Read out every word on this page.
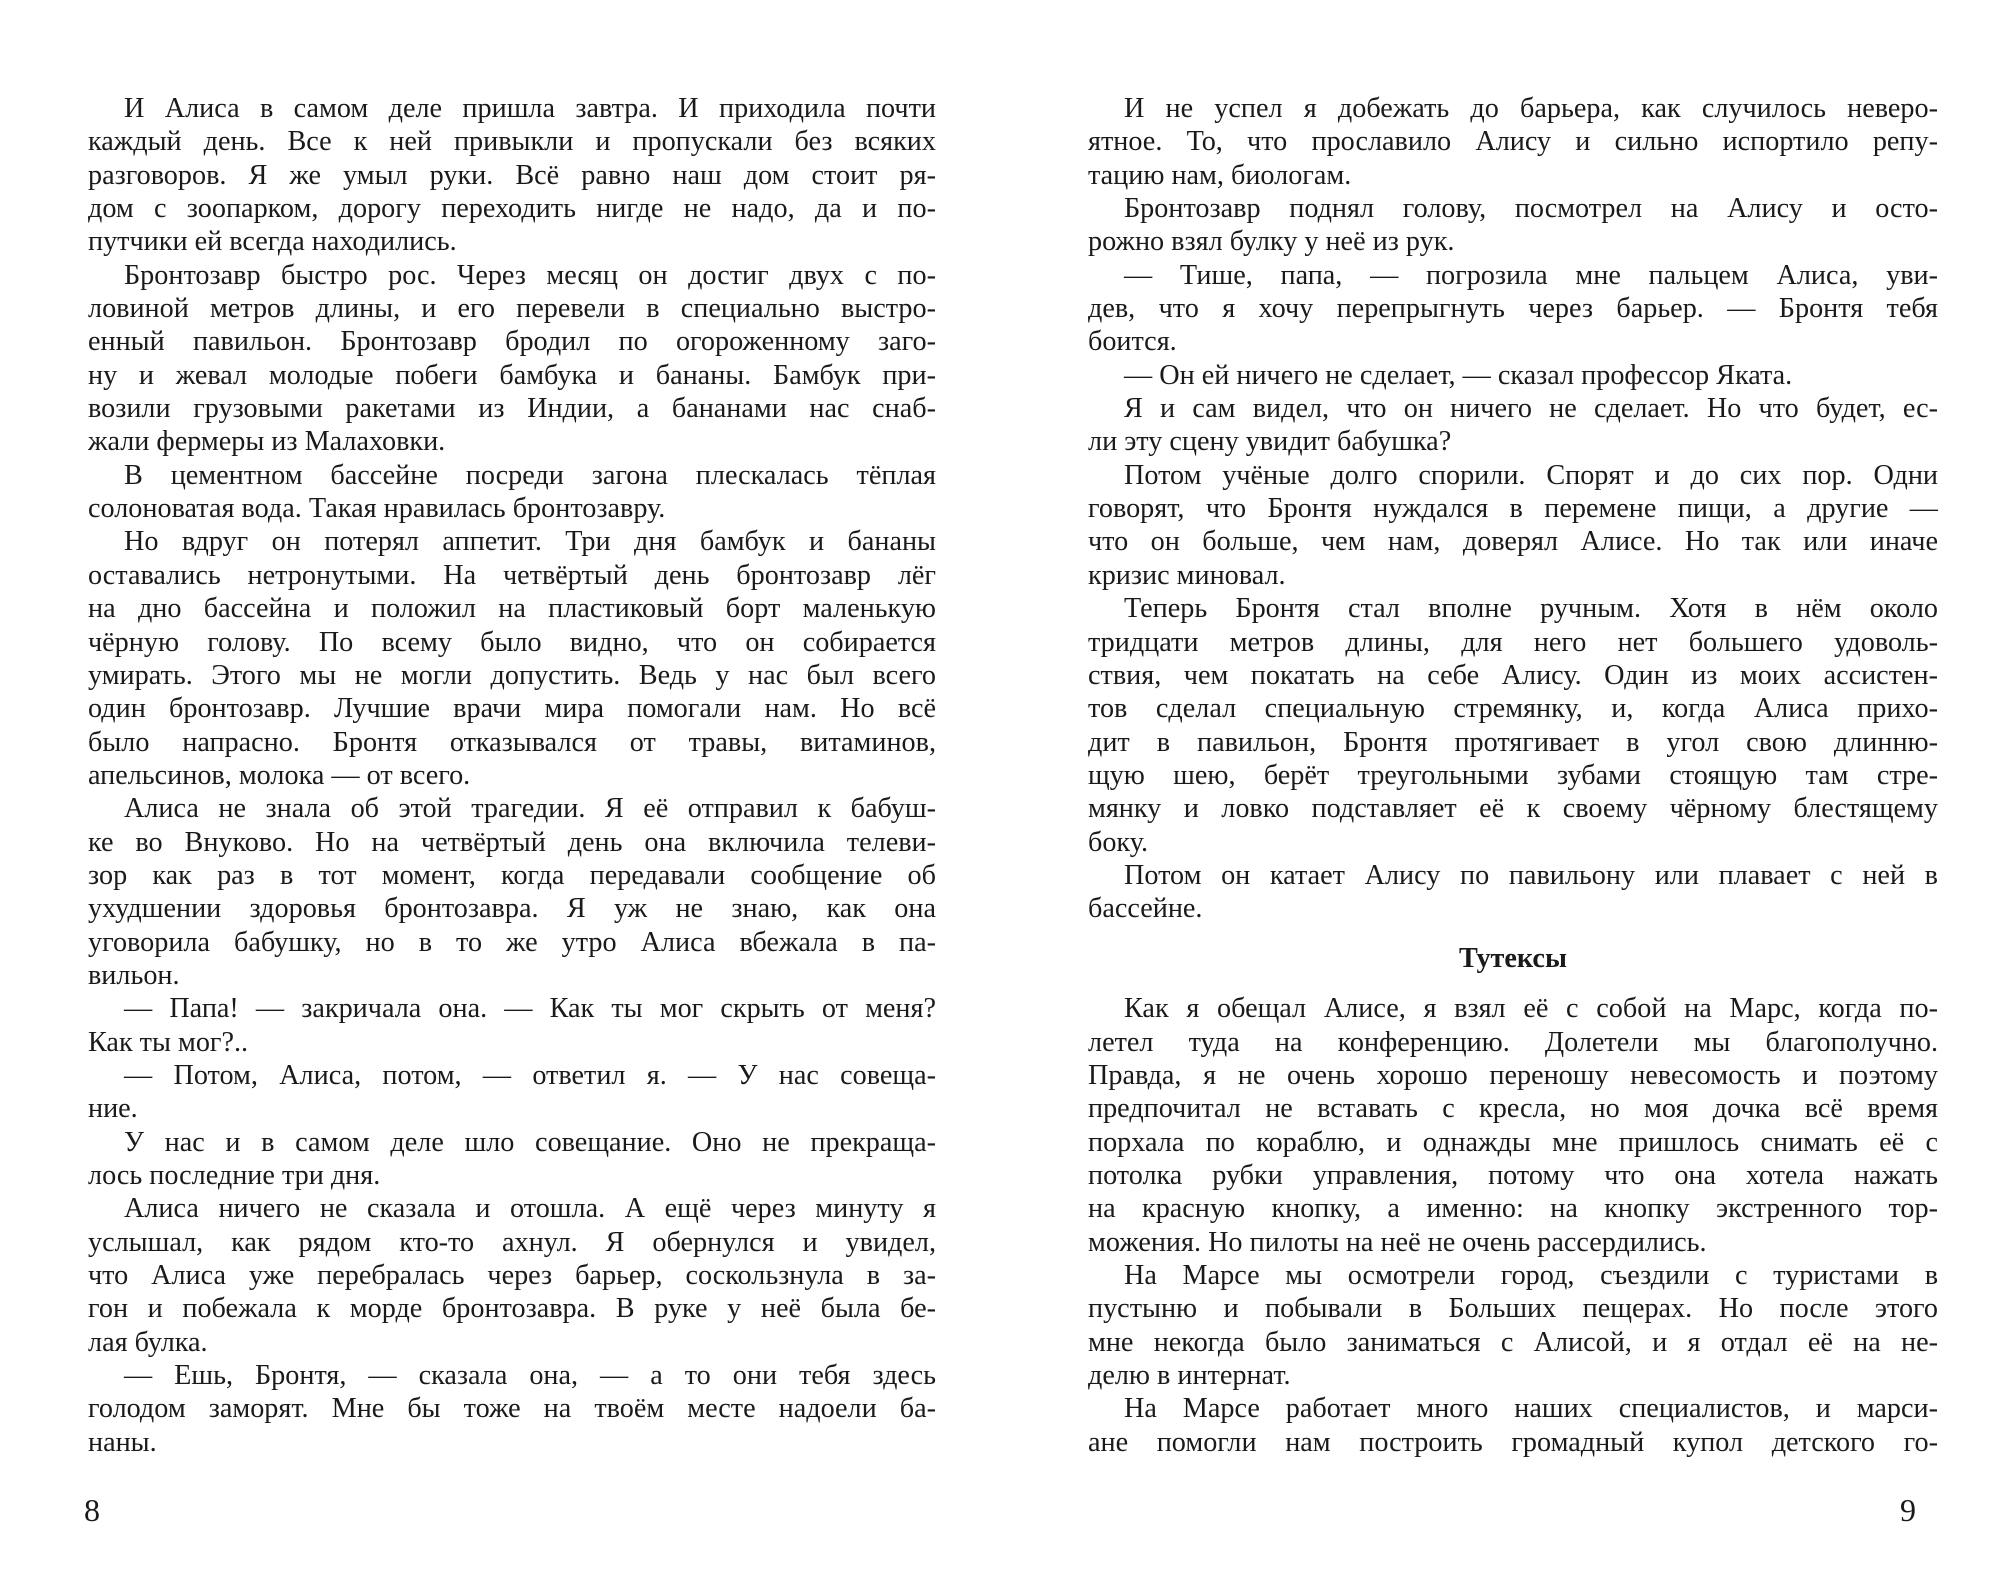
И Алиса в самом деле пришла завтра. И приходила почти
каждый день. Все к ней привыкли и пропускали без всяких
разговоров. Я же умыл руки. Всё равно наш дом стоит ря-
дом с зоопарком, дорогу переходить нигде не надо, да и по-
путчики ей всегда находились.
Бронтозавр быстро рос. Через месяц он достиг двух с по-
ловиной метров длины, и его перевели в специально выстро-
енный павильон. Бронтозавр бродил по огороженному заго-
ну и жевал молодые побеги бамбука и бананы. Бамбук при-
возили грузовыми ракетами из Индии, а бананами нас снаб-
жали фермеры из Малаховки.
В цементном бассейне посреди загона плескалась тёплая
солоноватая вода. Такая нравилась бронтозавру.
Но вдруг он потерял аппетит. Три дня бамбук и бананы
оставались нетронутыми. На четвёртый день бронтозавр лёг
на дно бассейна и положил на пластиковый борт маленькую
чёрную голову. По всему было видно, что он собирается
умирать. Этого мы не могли допустить. Ведь у нас был всего
один бронтозавр. Лучшие врачи мира помогали нам. Но всё
было напрасно. Бронтя отказывался от травы, витаминов,
апельсинов, молока — от всего.
Алиса не знала об этой трагедии. Я её отправил к бабуш-
ке во Внуково. Но на четвёртый день она включила телеви-
зор как раз в тот момент, когда передавали сообщение об
ухудшении здоровья бронтозавра. Я уж не знаю, как она
уговорила бабушку, но в то же утро Алиса вбежала в па-
вильон.
— Папа! — закричала она. — Как ты мог скрыть от меня?
Как ты мог?..
— Потом, Алиса, потом, — ответил я. — У нас совеща-
ние.
У нас и в самом деле шло совещание. Оно не прекраща-
лось последние три дня.
Алиса ничего не сказала и отошла. А ещё через минуту я
услышал, как рядом кто-то ахнул. Я обернулся и увидел,
что Алиса уже перебралась через барьер, соскользнула в за-
гон и побежала к морде бронтозавра. В руке у неё была бе-
лая булка.
— Ешь, Бронтя, — сказала она, — а то они тебя здесь
голодом заморят. Мне бы тоже на твоём месте надоели ба-
наны.
И не успел я добежать до барьера, как случилось неверо-
ятное. То, что прославило Алису и сильно испортило репу-
тацию нам, биологам.
Бронтозавр поднял голову, посмотрел на Алису и осто-
рожно взял булку у неё из рук.
— Тише, папа, — погрозила мне пальцем Алиса, уви-
дев, что я хочу перепрыгнуть через барьер. — Бронтя тебя
боится.
— Он ей ничего не сделает, — сказал профессор Яката.
Я и сам видел, что он ничего не сделает. Но что будет, ес-
ли эту сцену увидит бабушка?
Потом учёные долго спорили. Спорят и до сих пор. Одни
говорят, что Бронтя нуждался в перемене пищи, а другие —
что он больше, чем нам, доверял Алисе. Но так или иначе
кризис миновал.
Теперь Бронтя стал вполне ручным. Хотя в нём около
тридцати метров длины, для него нет большего удоволь-
ствия, чем покатать на себе Алису. Один из моих ассистен-
тов сделал специальную стремянку, и, когда Алиса прихо-
дит в павильон, Бронтя протягивает в угол свою длинню-
щую шею, берёт треугольными зубами стоящую там стре-
мянку и ловко подставляет её к своему чёрному блестящему
боку.
Потом он катает Алису по павильону или плавает с ней в
бассейне.
Тутексы
Как я обещал Алисе, я взял её с собой на Марс, когда по-
летел туда на конференцию. Долетели мы благополучно.
Правда, я не очень хорошо переношу невесомость и поэтому
предпочитал не вставать с кресла, но моя дочка всё время
порхала по кораблю, и однажды мне пришлось снимать её с
потолка рубки управления, потому что она хотела нажать
на красную кнопку, а именно: на кнопку экстренного тор-
можения. Но пилоты на неё не очень рассердились.
На Марсе мы осмотрели город, съездили с туристами в
пустыню и побывали в Больших пещерах. Но после этого
мне некогда было заниматься с Алисой, и я отдал её на не-
делю в интернат.
На Марсе работает много наших специалистов, и марси-
ане помогли нам построить громадный купол детского го-
8	9
